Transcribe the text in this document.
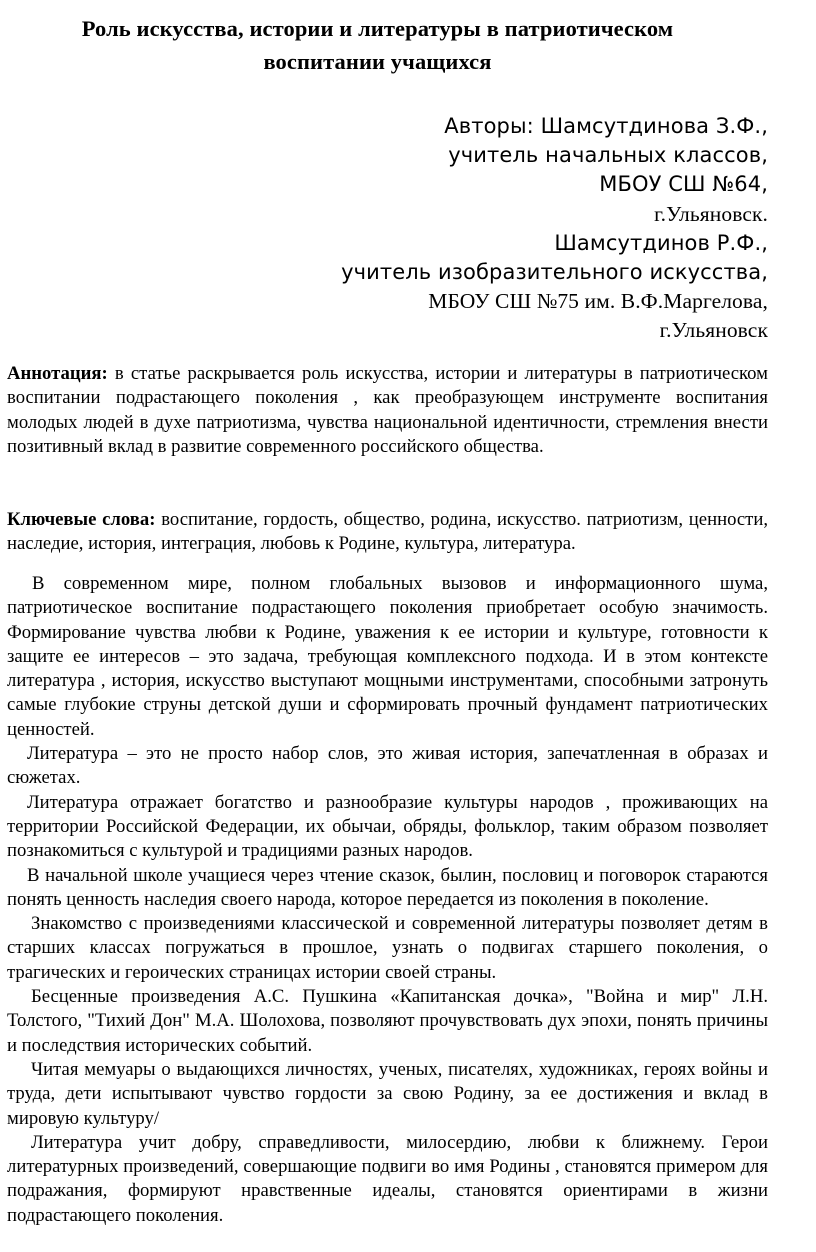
Роль искусства, истории и литературы в патриотическом
воспитании учащихся
Авторы: Шамсутдинова З.Ф.,
учитель начальных классов,
МБОУ СШ №64,
г.Ульяновск.
Шамсутдинов Р.Ф.,
учитель изобразительного искусства,
МБОУ СШ №75 им. В.Ф.Маргелова,
г.Ульяновск
Аннотация: в статье раскрывается роль искусства, истории и литературы в патриотическом воспитании подрастающего поколения , как преобразующем инструменте воспитания молодых людей в духе патриотизма, чувства национальной идентичности, стремления внести позитивный вклад в развитие современного российского общества.
Ключевые слова: воспитание, гордость, общество, родина, искусство. патриотизм, ценности, наследие, история, интеграция, любовь к Родине, культура, литература.

В современном мире, полном глобальных вызовов и информационного шума, патриотическое воспитание подрастающего поколения приобретает особую значимость. Формирование чувства любви к Родине, уважения к ее истории и культуре, готовности к защите ее интересов – это задача, требующая комплексного подхода. И в этом контексте литература , история, искусство выступают мощными инструментами, способными затронуть самые глубокие струны детской души и сформировать прочный фундамент патриотических ценностей.

Литература – это не просто набор слов, это живая история, запечатленная в образах и сюжетах.

Литература отражает богатство и разнообразие культуры народов , проживающих на территории Российской Федерации, их обычаи, обряды, фольклор, таким образом позволяет познакомиться с культурой и традициями разных народов.

В начальной школе учащиеся через чтение сказок, былин, пословиц и поговорок стараются понять ценность наследия своего народа, которое передается из поколения в поколение.

Знакомство с произведениями классической и современной литературы позволяет детям в старших классах погружаться в прошлое, узнать о подвигах старшего поколения, о трагических и героических страницах истории своей страны.

Бесценные произведения А.С. Пушкина «Капитанская дочка», "Война и мир" Л.Н. Толстого, "Тихий Дон" М.А. Шолохова, позволяют прочувствовать дух эпохи, понять причины и последствия исторических событий.

Читая мемуары о выдающихся личностях, ученых, писателях, художниках, героях войны и труда, дети испытывают чувство гордости за свою Родину, за ее достижения и вклад в мировую культуру/

Литература учит добру, справедливости, милосердию, любви к ближнему. Герои литературных произведений, совершающие подвиги во имя Родины , становятся примером для подражания, формируют нравственные идеалы, становятся ориентирами в жизни подрастающего поколения.
